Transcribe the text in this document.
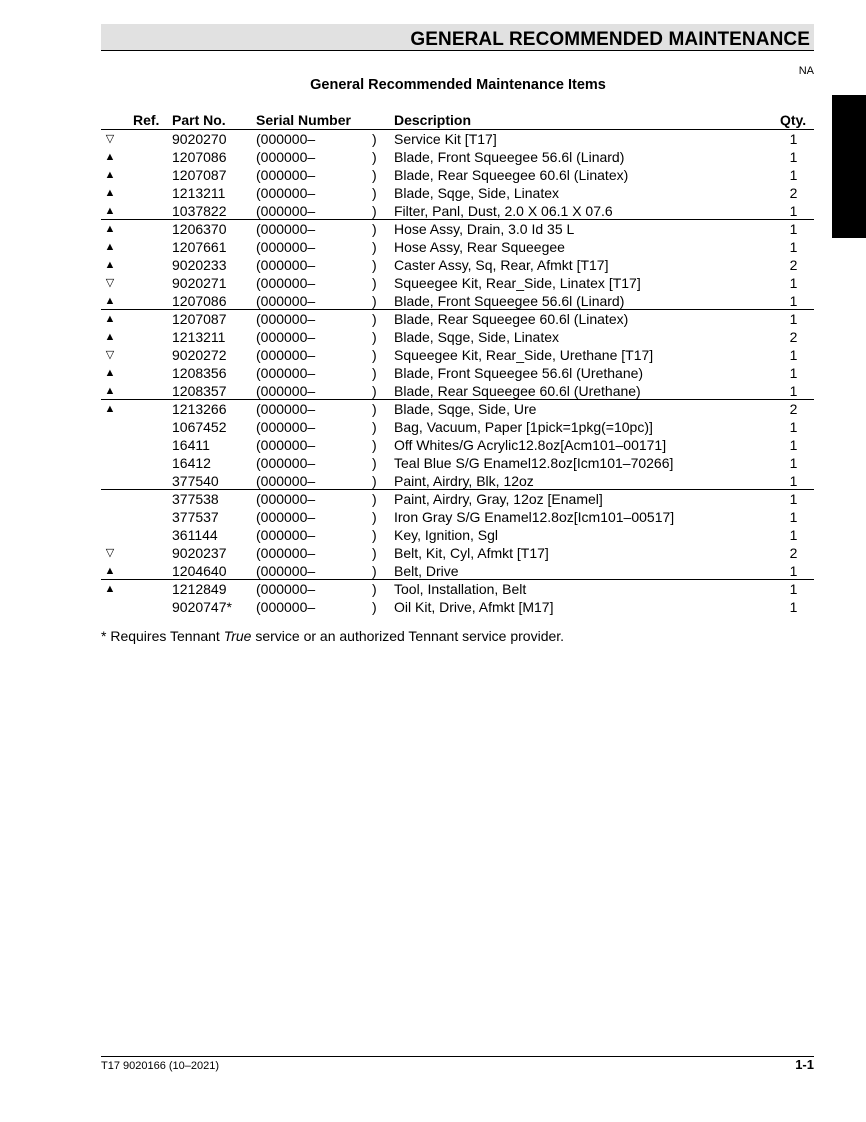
GENERAL RECOMMENDED MAINTENANCE
NA
General Recommended Maintenance Items
Ref. Part No. Serial Number	Description	Qty.
▽	9020270 (000000–	) Service Kit [T17]	1
▲	1207086 (000000–	) Blade, Front Squeegee 56.6l (Linard)	1
▲	1207087 (000000–	) Blade, Rear Squeegee 60.6l (Linatex)	1
▲	1213211 (000000–	) Blade, Sqge, Side, Linatex	2
▲	1037822 (000000–	) Filter, Panl, Dust, 2.0 X 06.1 X 07.6	1
▲	1206370 (000000–	) Hose Assy, Drain, 3.0 Id 35 L	1
▲	1207661 (000000–	) Hose Assy, Rear Squeegee	1
▲	9020233 (000000–	) Caster Assy, Sq, Rear, Afmkt [T17]	2
▽	9020271 (000000–	) Squeegee Kit, Rear_Side, Linatex [T17]	1
▲	1207086 (000000–	) Blade, Front Squeegee 56.6l (Linard)	1
▲	1207087 (000000–	) Blade, Rear Squeegee 60.6l (Linatex)	1
▲	1213211 (000000–	) Blade, Sqge, Side, Linatex	2
▽	9020272 (000000–	) Squeegee Kit, Rear_Side, Urethane [T17]	1
▲	1208356 (000000–	) Blade, Front Squeegee 56.6l (Urethane)	1
▲	1208357 (000000–	) Blade, Rear Squeegee 60.6l (Urethane)	1
▲	1213266 (000000–	) Blade, Sqge, Side, Ure	2
1067452 (000000–	) Bag, Vacuum, Paper [1pick=1pkg(=10pc)]	1
16411	(000000–	) Off Whites/G Acrylic12.8oz[Acm101–00171]	1
16412	(000000–	) Teal Blue S/G Enamel12.8oz[Icm101–70266]	1
377540	(000000–	) Paint, Airdry, Blk, 12oz	1
377538	(000000–	) Paint, Airdry, Gray, 12oz [Enamel]	1
377537	(000000–	) Iron Gray S/G Enamel12.8oz[Icm101–00517]	1
361144	(000000–	) Key, Ignition, Sgl	1
▽	9020237 (000000–	) Belt, Kit, Cyl, Afmkt [T17]	2
▲	1204640 (000000–	) Belt, Drive	1
▲	1212849 (000000–	) Tool, Installation, Belt	1
9020747* (000000–	) Oil Kit, Drive, Afmkt [M17]	1
* Requires Tennant True service or an authorized Tennant service provider.
T17 9020166 (10–2021)	1-1
